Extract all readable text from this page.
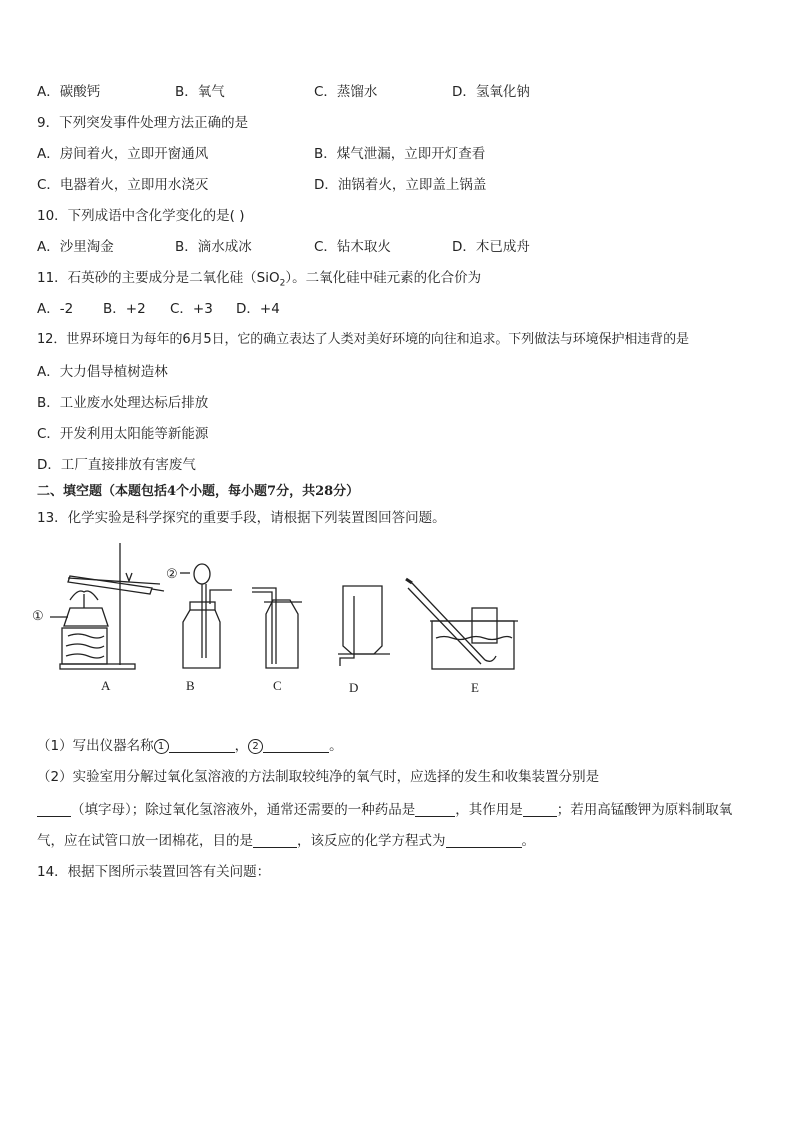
A．碳酸钙	B．氧气	C．蒸馏水	D．氢氧化钠
9．下列突发事件处理方法正确的是
A．房间着火，立即开窗通风	B．煤气泄漏，立即开灯查看
C．电器着火，立即用水浇灭	D．油锅着火，立即盖上锅盖
10．下列成语中含化学变化的是( )
A．沙里淘金	B．滴水成冰	C．钻木取火	D．木已成舟
11．石英砂的主要成分是二氧化硅（SiO$_2$）。二氧化硅中硅元素的化合价为
A．-2 B．+2 C．+3 D．+4
12．世界环境日为每年的6月5日，它的确立表达了人类对美好环境的向往和追求。下列做法与环境保护相违背的是
A．大力倡导植树造林
B．工业废水处理达标后排放
C．开发利用太阳能等新能源
D．工厂直接排放有害废气
二、填空题（本题包括4个小题，每小题7分，共28分）
13．化学实验是科学探究的重要手段，请根据下列装置图回答问题。
①
②
A	B	C	D	E
（1）写出仪器名称 1	， 2	。
（2）实验室用分解过氧化氢溶液的方法制取较纯净的氧气时，应选择的发生和收集装置分别是
（填字母）；除过氧化氢溶液外，通常还需要的一种药品是	，其作用是	；若用高锰酸钾为原料制取氧
气，应在试管口放一团棉花，目的是	，该反应的化学方程式为	。
14．根据下图所示装置回答有关问题：
